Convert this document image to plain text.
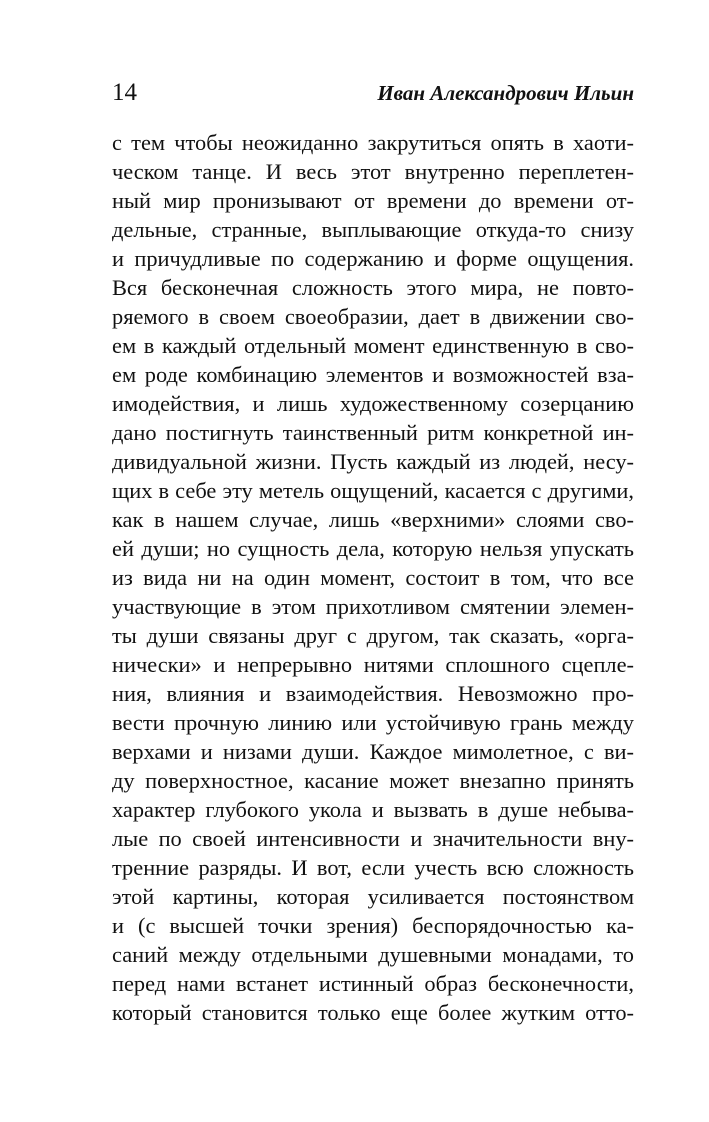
14	Иван Александрович Ильин
с тем чтобы неожиданно закрутиться опять в хаоти-
ческом танце. И весь этот внутренно переплетен-
ный мир пронизывают от времени до времени от-
дельные, странные, выплывающие откуда-то снизу
и причудливые по содержанию и форме ощущения.
Вся бесконечная сложность этого мира, не повто-
ряемого в своем своеобразии, дает в движении сво-
ем в каждый отдельный момент единственную в сво-
ем роде комбинацию элементов и возможностей вза-
имодействия, и лишь художественному созерцанию
дано постигнуть таинственный ритм конкретной ин-
дивидуальной жизни. Пусть каждый из людей, несу-
щих в себе эту метель ощущений, касается с другими,
как в нашем случае, лишь «верхними» слоями сво-
ей души; но сущность дела, которую нельзя упускать
из вида ни на один момент, состоит в том, что все
участвующие в этом прихотливом смятении элемен-
ты души связаны друг с другом, так сказать, «орга-
нически» и непрерывно нитями сплошного сцепле-
ния, влияния и взаимодействия. Невозможно про-
вести прочную линию или устойчивую грань между
верхами и низами души. Каждое мимолетное, с ви-
ду поверхностное, касание может внезапно принять
характер глубокого укола и вызвать в душе небыва-
лые по своей интенсивности и значительности вну-
тренние разряды. И вот, если учесть всю сложность
этой картины, которая усиливается постоянством
и (с высшей точки зрения) беспорядочностью ка-
саний между отдельными душевными монадами, то
перед нами встанет истинный образ бесконечности,
который становится только еще более жутким отто-
